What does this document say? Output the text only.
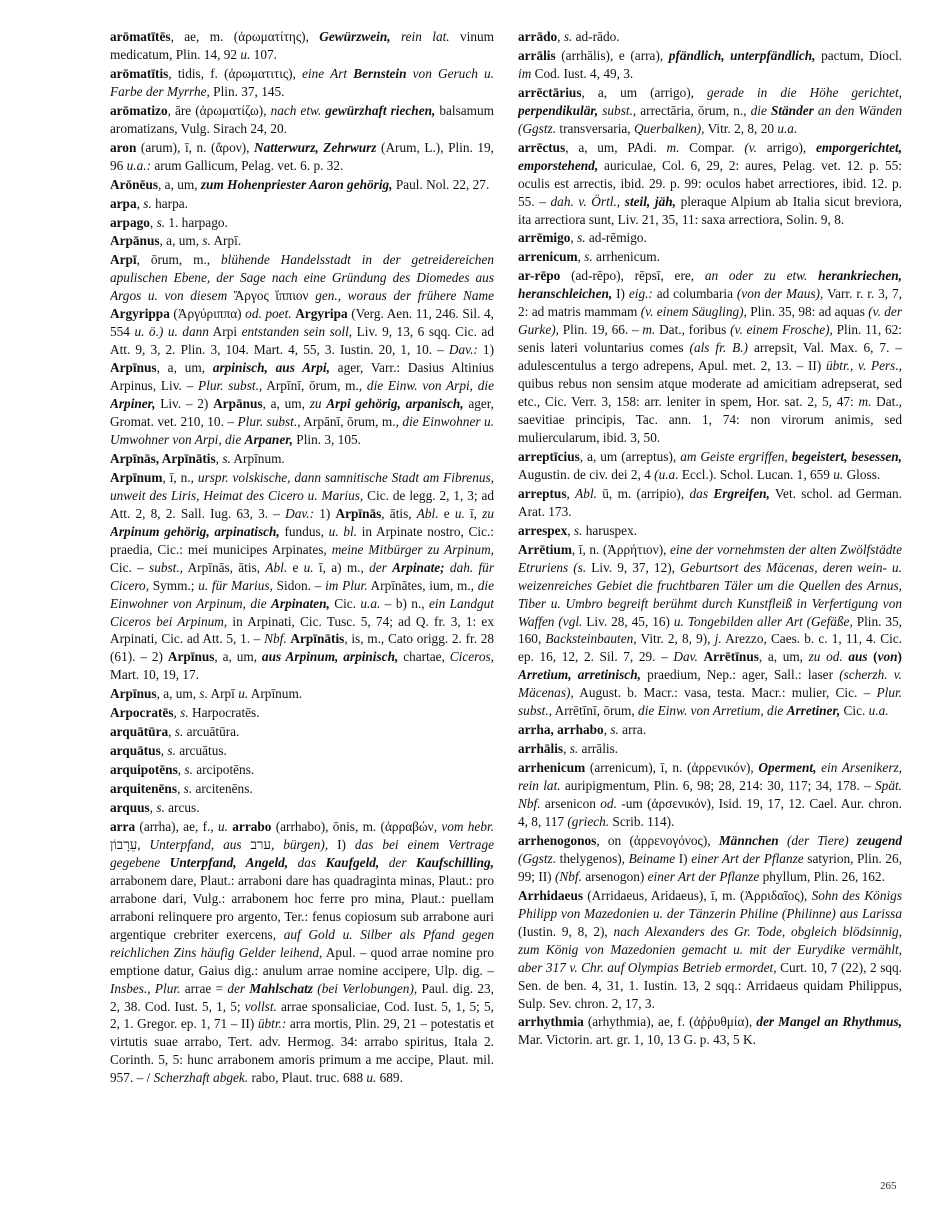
arōmatītēs, ae, m. (ἀρωματίτης), Gewürzwein, rein lat. vinum medicatum, Plin. 14, 92 u. 107.
arōmatītis, tidis, f. (ἀρωματιτις), eine Art Bernstein von Geruch u. Farbe der Myrrhe, Plin. 37, 145.
arōmatizo, āre (ἀρωματίζω), nach etw. gewürzhaft riechen, balsamum aromatizans, Vulg. Sirach 24, 20.
aron (arum), ī, n. (ἄρον), Natterwurz, Zehrwurz (Arum, L.), Plin. 19, 96 u.a.: arum Gallicum, Pelag. vet. 6. p. 32.
Arōnēus, a, um, zum Hohenpriester Aaron gehörig, Paul. Nol. 22, 27.
arpa, s. harpa.
arpago, s. 1. harpago.
Arpānus, a, um, s. Arpī.
Arpī, ōrum, m., blühende Handelsstadt in der getreidereichen apulischen Ebene, der Sage nach eine Gründung des Diomedes aus Argos u. von diesem Ἄργος ἵππιον gen., woraus der frühere Name Argyrippa (Ἀργύριππα) od. poet. Argyripa (Verg. Aen. 11, 246. Sil. 4, 554 u. ö.) u. dann Arpi entstanden sein soll, Liv. 9, 13, 6 sqq. Cic. ad Att. 9, 3, 2. Plin. 3, 104. Mart. 4, 55, 3. Iustin. 20, 1, 10. – Dav.: 1) Arpīnus, a, um, arpinisch, aus Arpi, ager, Varr.: Dasius Altinius Arpinus, Liv. – Plur. subst., Arpīnī, ōrum, m., die Einw. von Arpi, die Arpiner, Liv. – 2) Arpānus, a, um, zu Arpi gehörig, arpanisch, ager, Gromat. vet. 210, 10. – Plur. subst., Arpānī, ōrum, m., die Einwohner u. Umwohner von Arpi, die Arpaner, Plin. 3, 105.
Arpīnās, Arpīnātis, s. Arpīnum.
Arpīnum, ī, n., urspr. volskische, dann samnitische Stadt am Fibrenus, unweit des Liris, Heimat des Cicero u. Marius, Cic. de legg. 2, 1, 3; ad Att. 2, 8, 2. Sall. Iug. 63, 3. – Dav.: 1) Arpīnās, ātis, Abl. e u. ī, zu Arpinum gehörig, arpinatisch, fundus, u. bl. in Arpinate nostro, Cic.: praedia, Cic.: mei municipes Arpinates, meine Mitbürger zu Arpinum, Cic. – subst., Arpīnās, ātis, Abl. e u. ī, a) m., der Arpinate; dah. für Cicero, Symm.; u. für Marius, Sidon. – im Plur. Arpīnātes, ium, m., die Einwohner von Arpinum, die Arpinaten, Cic. u.a. – b) n., ein Landgut Ciceros bei Arpinum, in Arpinati, Cic. Tusc. 5, 74; ad Q. fr. 3, 1: ex Arpinati, Cic. ad Att. 5, 1. – Nbf. Arpīnātis, is, m., Cato origg. 2. fr. 28 (61). – 2) Arpīnus, a, um, aus Arpinum, arpinisch, chartae, Ciceros, Mart. 10, 19, 17.
Arpīnus, a, um, s. Arpī u. Arpīnum.
Arpocratēs, s. Harpocratēs.
arquātūra, s. arcuātūra.
arquātus, s. arcuātus.
arquipotēns, s. arcipotēns.
arquitenēns, s. arcitenēns.
arquus, s. arcus.
arra (arrha), ae, f., u. arrabo (arrhabo), ōnis, m. (ἀρραβών, vom hebr. עֵרָבוֹן, Unterpfand, aus ערב, bürgen), I) das bei einem Vertrage gegebene Unterpfand, Angeld, das Kaufgeld, der Kaufschilling, arrabonem dare, Plaut.: arraboni dare has quadraginta minas, Plaut.: pro arrabone dari, Vulg.: arrabonem hoc ferre pro mina, Plaut.: puellam arraboni relinquere pro argento, Ter.: fenus copiosum sub arrabone auri argentique crebriter exercens, auf Gold u. Silber als Pfand gegen reichlichen Zins häufig Gelder leihend, Apul. – quod arrae nomine pro emptione datur, Gaius dig.: anulum arrae nomine accipere, Ulp. dig. – Insbes., Plur. arrae = der Mahlschatz (bei Verlobungen), Paul. dig. 23, 2, 38. Cod. Iust. 5, 1, 5; vollst. arrae sponsaliciae, Cod. Iust. 5, 1, 5; 5, 2, 1. Gregor. ep. 1, 71 – II) übtr.: arra mortis, Plin. 29, 21 – potestatis et virtutis suae arrabo, Tert. adv. Hermog. 34: arrabo spiritus, Itala 2. Corinth. 5, 5: hunc arrabonem amoris primum a me accipe, Plaut. mil. 957. – / Scherzhaft abgek. rabo, Plaut. truc. 688 u. 689.
arrādo, s. ad-rādo.
arrālis (arrhālis), e (arra), pfändlich, unterpfändlich, pactum, Diocl. im Cod. Iust. 4, 49, 3.
arrēctārius, a, um (arrigo), gerade in die Höhe gerichtet, perpendikulär, subst., arrectāria, ōrum, n., die Ständer an den Wänden (Ggstz. transversaria, Querbalken), Vitr. 2, 8, 20 u.a.
arrēctus, a, um, PAdi. m. Compar. (v. arrigo), emporgerichtet, emporstehend, auriculae, Col. 6, 29, 2: aures, Pelag. vet. 12. p. 55: oculis est arrectis, ibid. 29. p. 99: oculos habet arrectiores, ibid. 12. p. 55. – dah. v. Örtl., steil, jäh, pleraque Alpium ab Italia sicut breviora, ita arrectiora sunt, Liv. 21, 35, 11: saxa arrectiora, Solin. 9, 8.
arrēmigo, s. ad-rēmigo.
arrenicum, s. arrhenicum.
ar-rēpo (ad-rēpo), rēpsī, ere, an oder zu etw. herankriechen, heranschleichen, I) eig.: ad columbaria (von der Maus), Varr. r. r. 3, 7, 2: ad matris mammam (v. einem Säugling), Plin. 35, 98: ad aquas (v. der Gurke), Plin. 19, 66. – m. Dat., foribus (v. einem Frosche), Plin. 11, 62: senis lateri voluntarius comes (als fr. B.) arrepsit, Val. Max. 6, 7. – adulescentulus a tergo adrepens, Apul. met. 2, 13. – II) übtr., v. Pers., quibus rebus non sensim atque moderate ad amicitiam adrepserat, sed etc., Cic. Verr. 3, 158: arr. leniter in spem, Hor. sat. 2, 5, 47: m. Dat., saevitiae principis, Tac. ann. 1, 74: non virorum animis, sed muliercularum, ibid. 3, 50.
arreptīcius, a, um (arreptus), am Geiste ergriffen, begeistert, besessen, Augustin. de civ. dei 2, 4 (u.a. Eccl.). Schol. Lucan. 1, 659 u. Gloss.
arreptus, Abl. ū, m. (arripio), das Ergreifen, Vet. schol. ad German. Arat. 173.
arrespex, s. haruspex.
Arrētium, ī, n. (Ἀρρήτιον), eine der vornehmsten der alten Zwölfstädte Etruriens (s. Liv. 9, 37, 12), Geburtsort des Mäcenas, deren wein- u. weizenreiches Gebiet die fruchtbaren Täler um die Quellen des Arnus, Tiber u. Umbro begreift berühmt durch Kunstfleiß in Verfertigung von Waffen (vgl. Liv. 28, 45, 16) u. Tongebilden aller Art (Gefäße, Plin. 35, 160, Backsteinbauten, Vitr. 2, 8, 9), j. Arezzo, Caes. b. c. 1, 11, 4. Cic. ep. 16, 12, 2. Sil. 7, 29. – Dav. Arrētīnus, a, um, zu od. aus (von) Arretium, arretinisch, praedium, Nep.: ager, Sall.: laser (scherzh. v. Mäcenas), August. b. Macr.: vasa, testa. Macr.: mulier, Cic. – Plur. subst., Arrētīnī, ōrum, die Einw. von Arretium, die Arretiner, Cic. u.a.
arrha, arrhabo, s. arra.
arrhālis, s. arrālis.
arrhenicum (arrenicum), ī, n. (ἀρρενικόν), Operment, ein Arsenikerz, rein lat. auripigmentum, Plin. 6, 98; 28, 214: 30, 117; 34, 178. – Spät. Nbf. arsenicon od. -um (ἀρσενικόν), Isid. 19, 17, 12. Cael. Aur. chron. 4, 8, 117 (griech. Scrib. 114).
arrhenogonos, on (ἀρρενογόνος), Männchen (der Tiere) zeugend (Ggstz. thelygenos), Beiname I) einer Art der Pflanze satyrion, Plin. 26, 99; II) (Nbf. arsenogon) einer Art der Pflanze phyllum, Plin. 26, 162.
Arrhidaeus (Arridaeus, Aridaeus), ī, m. (Ἀρριδαῖος), Sohn des Königs Philipp von Mazedonien u. der Tänzerin Philine (Philinne) aus Larissa (Iustin. 9, 8, 2), nach Alexanders des Gr. Tode, obgleich blödsinnig, zum König von Mazedonien gemacht u. mit der Eurydike vermählt, aber 317 v. Chr. auf Olympias Betrieb ermordet, Curt. 10, 7 (22), 2 sqq. Sen. de ben. 4, 31, 1. Iustin. 13, 2 sqq.: Arridaeus quidam Philippus, Sulp. Sev. chron. 2, 17, 3.
arrhythmia (arhythmia), ae, f. (ἀῤῥυθμία), der Mangel an Rhythmus, Mar. Victorin. art. gr. 1, 10, 13 G. p. 43, 5 K.
265
